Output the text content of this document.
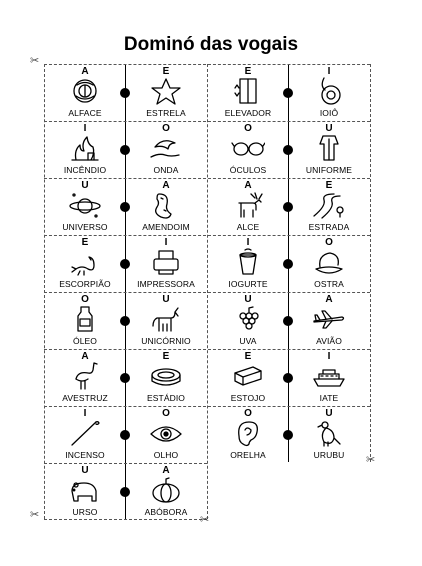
Dominó das vogais
A
ALFACE
E
ESTRELA
E
ELEVADOR
I
IOIÔ
I
INCÊNDIO
O
ONDA
O
ÓCULOS
U
UNIFORME
U
UNIVERSO
A
AMENDOIM
A
ALCE
E
ESTRADA
E
ESCORPIÃO
I
IMPRESSORA
I
IOGURTE
O
OSTRA
O
ÓLEO
U
UNICÓRNIO
U
UVA
A
AVIÃO
A
AVESTRUZ
E
ESTÁDIO
E
ESTOJO
I
IATE
I
INCENSO
O
OLHO
O
ORELHA
U
URUBU
U
URSO
A
ABÓBORA
✂
✂	✂
✂
